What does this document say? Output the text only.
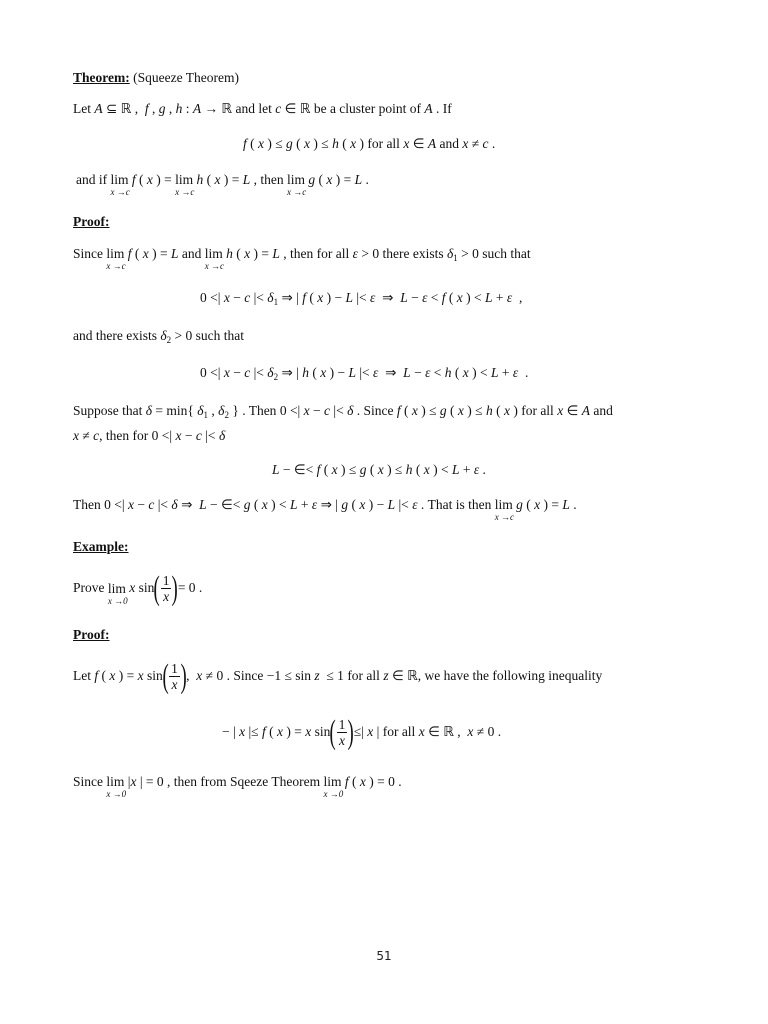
Theorem: (Squeeze Theorem)
Let A ⊆ ℝ ,  f , g , h : A → ℝ and let c ∈ ℝ be a cluster point of A . If
f ( x ) ≤ g ( x ) ≤ h ( x ) for all x ∈ A and x ≠ c .
and if lim
x →c
f ( x ) = lim
x →c
h ( x ) = L , then lim
x →c
g ( x ) = L .
Proof:
Since lim
x →c
f ( x ) = L and lim
x →c
h ( x ) = L , then for all ε > 0 there exists $\delta_1 > 0$ such that
0 <| x − c |< $\delta_1$ ⇒ | f ( x ) − L |< ε  ⇒  L − ε < f ( x ) < L + ε  ,
and there exists $\delta_2 > 0$ such that
0 <| x − c |< $\delta_2$ ⇒ | h ( x ) − L |< ε  ⇒  L − ε < h ( x ) < L + ε  .
Suppose that δ = min{ $\delta_1$ , $\delta_2$ } . Then 0 <| x − c |< δ . Since f ( x ) ≤ g ( x ) ≤ h ( x ) for all x ∈ A and
x ≠ c, then for 0 <| x − c |< δ
L − ∈< f ( x ) ≤ g ( x ) ≤ h ( x ) < L + ε .
Then 0 <| x − c |< δ ⇒  L − ∈< g ( x ) < L + ε ⇒ | g ( x ) − L |< ε . That is then lim
x →c
g ( x ) = L .
Example:
Prove lim
x →0
x $\sin( \frac{1}{x}$ )= 0 .
Proof:
Let f ( x ) = x $\sin( \frac{1}{x}$ ),  x ≠ 0 . Since −1 ≤ sin z  ≤ 1 for all z ∈ ℝ, we have the following inequality
− | x |≤ f ( x ) = x $\sin( \frac{1}{x}$ )≤| x | for all x ∈ ℝ ,  x ≠ 0 .
Since lim
x →0
|x | = 0 , then from Sqeeze Theorem lim
x →0
f ( x ) = 0 .
51
